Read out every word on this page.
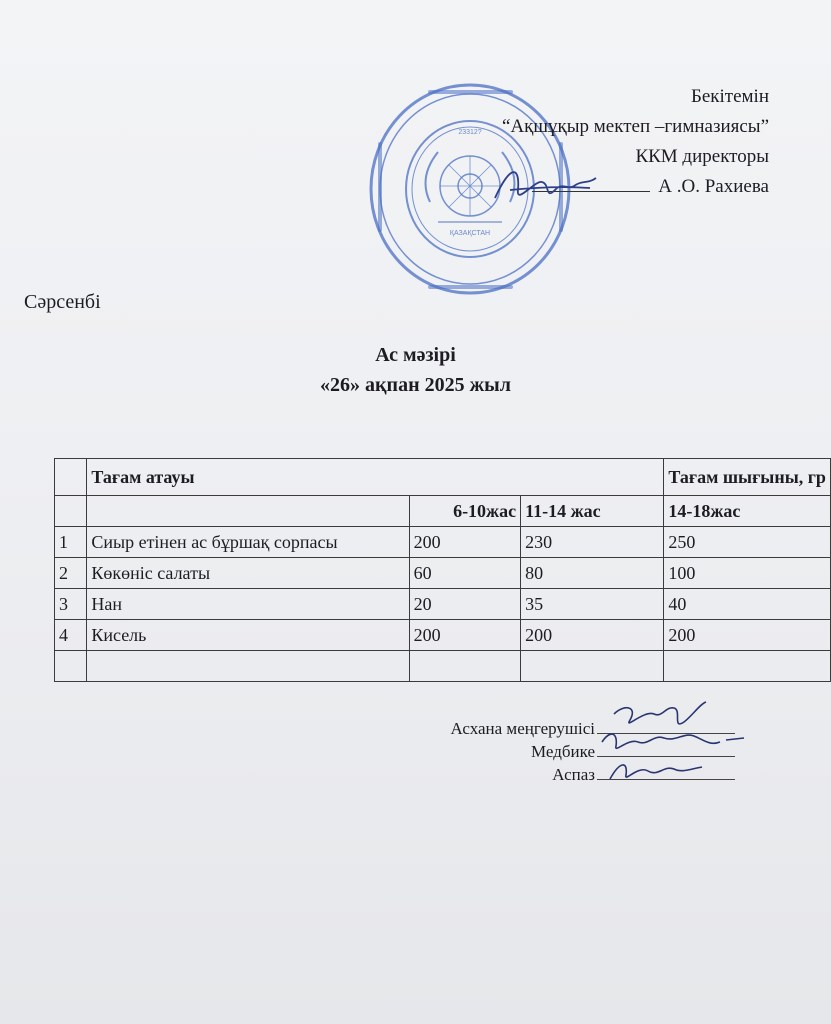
23312?
ҚАЗАҚСТАН
Бекітемін
“Ақшұқыр мектеп –гимназиясы”
ККМ директоры
А .О. Рахиева
Сәрсенбі
Ас мәзірі
«26» ақпан 2025 жыл
	Тағам атауы			Тағам шығыны, гр
		6-10жас	11-14 жас	14-18жас
1	Сиыр етінен ас бұршақ сорпасы	200	230	250
2	Көкөніс салаты	60	80	100
3	Нан	20	35	40
4	Кисель	200	200	200

Асхана меңгерушісі
Медбике
Аспаз
